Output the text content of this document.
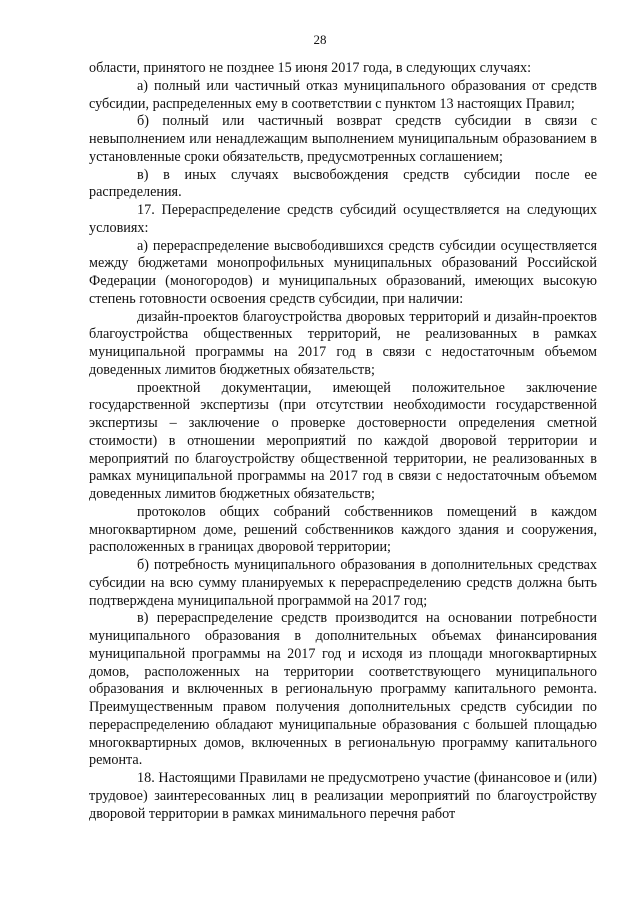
28

области, принятого не позднее 15 июня 2017 года, в следующих случаях:

а) полный или частичный отказ муниципального образования от средств субсидии, распределенных ему в соответствии с пунктом 13 настоящих Правил;

б) полный или частичный возврат средств субсидии в связи с невыполнением или ненадлежащим выполнением муниципальным образованием в установленные сроки обязательств, предусмотренных соглашением;

в) в иных случаях высвобождения средств субсидии после ее распределения.

17. Перераспределение средств субсидий осуществляется на следующих условиях:

а) перераспределение высвободившихся средств субсидии осуществляется между бюджетами монопрофильных муниципальных образований Российской Федерации (моногородов) и муниципальных образований, имеющих высокую степень готовности освоения средств субсидии, при наличии:

дизайн-проектов благоустройства дворовых территорий и дизайн-проектов благоустройства общественных территорий, не реализованных в рамках муниципальной программы на 2017 год в связи с недостаточным объемом доведенных лимитов бюджетных обязательств;

проектной документации, имеющей положительное заключение государственной экспертизы (при отсутствии необходимости государственной экспертизы – заключение о проверке достоверности определения сметной стоимости) в отношении мероприятий по каждой дворовой территории и мероприятий по благоустройству общественной территории, не реализованных в рамках муниципальной программы на 2017 год в связи с недостаточным объемом доведенных лимитов бюджетных обязательств;

протоколов общих собраний собственников помещений в каждом многоквартирном доме, решений собственников каждого здания и сооружения, расположенных в границах дворовой территории;

б) потребность муниципального образования в дополнительных средствах субсидии на всю сумму планируемых к перераспределению средств должна быть подтверждена муниципальной программой на 2017 год;

в) перераспределение средств производится на основании потребности муниципального образования в дополнительных объемах финансирования муниципальной программы на 2017 год и исходя из площади многоквартирных домов, расположенных на территории соответствующего муниципального образования и включенных в региональную программу капитального ремонта. Преимущественным правом получения дополнительных средств субсидии по перераспределению обладают муниципальные образования с большей площадью многоквартирных домов, включенных в региональную программу капитального ремонта.

18. Настоящими Правилами не предусмотрено участие (финансовое и (или) трудовое) заинтересованных лиц в реализации мероприятий по благоустройству дворовой территории в рамках минимального перечня работ
